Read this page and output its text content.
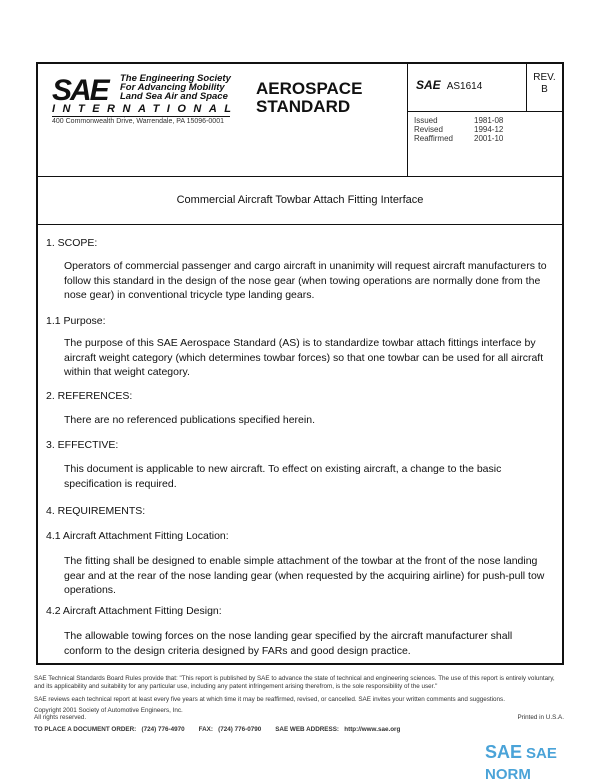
SAE The Engineering Society
For Advancing Mobility
Land Sea Air and Space
INTERNATIONAL
400 Commonwealth Drive, Warrendale, PA 15096-0001
AEROSPACE
STANDARD
SAE AS1614
REV.
B
Issued	1981-08
Revised	1994-12
Reaffirmed	2001-10
Commercial Aircraft Towbar Attach Fitting Interface
1. SCOPE:
Operators of commercial passenger and cargo aircraft in unanimity will request aircraft manufacturers to follow this standard in the design of the nose gear (when towing operations are normally done from the nose gear) in conventional tricycle type landing gears.
1.1 Purpose:
The purpose of this SAE Aerospace Standard (AS) is to standardize towbar attach fittings interface by aircraft weight category (which determines towbar forces) so that one towbar can be used for all aircraft within that weight category.
2. REFERENCES:
There are no referenced publications specified herein.
3. EFFECTIVE:
This document is applicable to new aircraft. To effect on existing aircraft, a change to the basic specification is required.
4. REQUIREMENTS:
4.1 Aircraft Attachment Fitting Location:
The fitting shall be designed to enable simple attachment of the towbar at the front of the nose landing gear and at the rear of the nose landing gear (when requested by the acquiring airline) for push-pull tow operations.
4.2 Aircraft Attachment Fitting Design:
The allowable towing forces on the nose landing gear specified by the aircraft manufacturer shall conform to the design criteria designed by FARs and good design practice.
SAE Technical Standards Board Rules provide that: "This report is published by SAE to advance the state of technical and engineering sciences. The use of this report is entirely voluntary, and its applicability and suitability for any particular use, including any patent infringement arising therefrom, is the sole responsibility of the user."
SAE reviews each technical report at least every five years at which time it may be reaffirmed, revised, or cancelled. SAE invites your written comments and suggestions.
Copyright 2001 Society of Automotive Engineers, Inc.
All rights reserved.	Printed in U.S.A.
TO PLACE A DOCUMENT ORDER:   (724) 776-4970        FAX:   (724) 776-0790        SAE WEB ADDRESS:   http://www.sae.org
SAE SAE NORM
